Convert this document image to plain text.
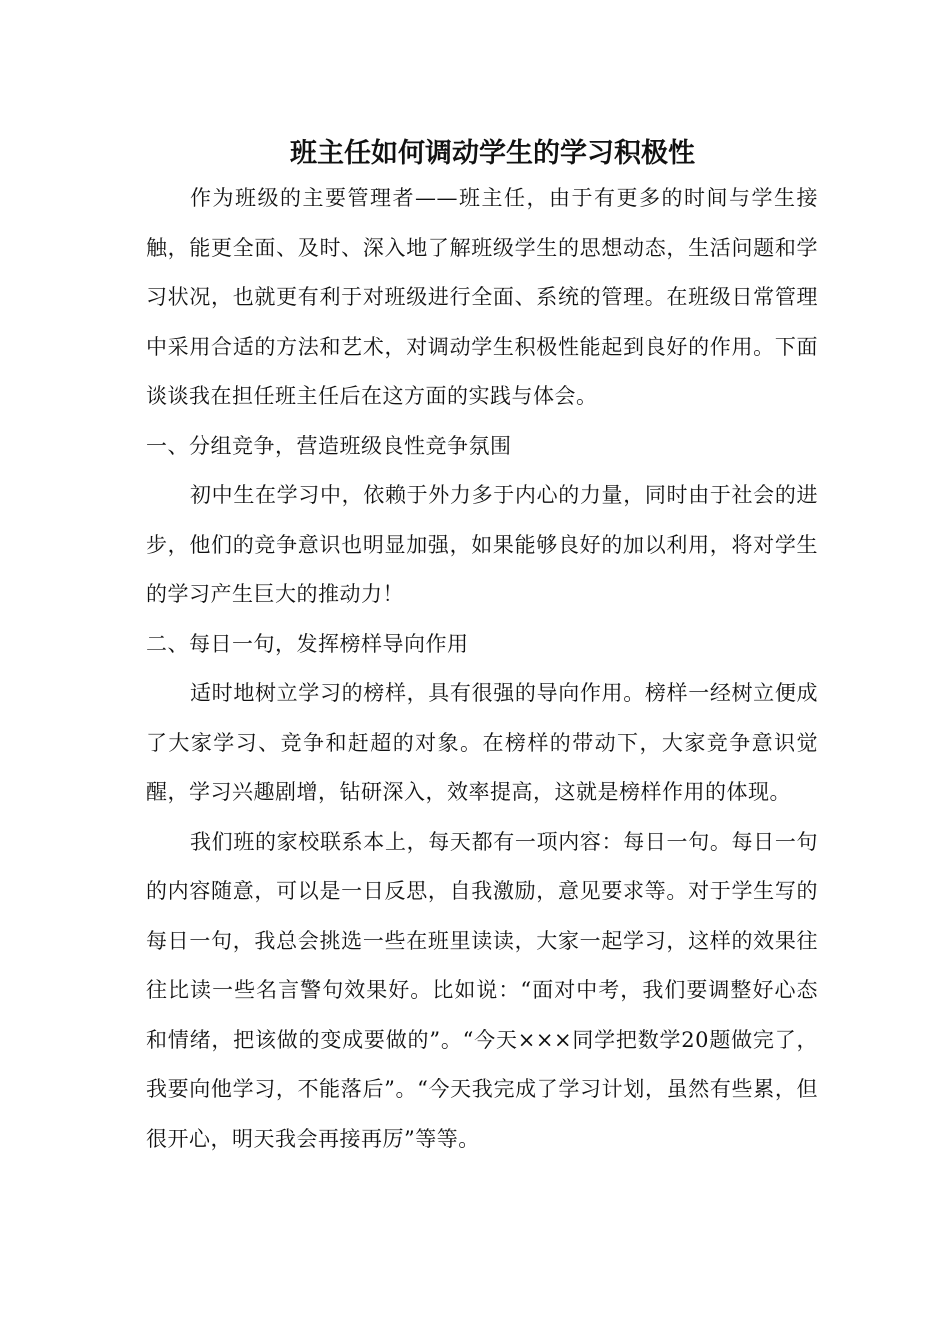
班主任如何调动学生的学习积极性

作为班级的主要管理者——班主任，由于有更多的时间与学生接触，能更全面、及时、深入地了解班级学生的思想动态，生活问题和学习状况，也就更有利于对班级进行全面、系统的管理。在班级日常管理中采用合适的方法和艺术，对调动学生积极性能起到良好的作用。下面谈谈我在担任班主任后在这方面的实践与体会。

一、分组竞争，营造班级良性竞争氛围

初中生在学习中，依赖于外力多于内心的力量，同时由于社会的进步，他们的竞争意识也明显加强，如果能够良好的加以利用，将对学生的学习产生巨大的推动力！

二、每日一句，发挥榜样导向作用

适时地树立学习的榜样，具有很强的导向作用。榜样一经树立便成了大家学习、竞争和赶超的对象。在榜样的带动下，大家竞争意识觉醒，学习兴趣剧增，钻研深入，效率提高，这就是榜样作用的体现。

我们班的家校联系本上，每天都有一项内容：每日一句。每日一句的内容随意，可以是一日反思，自我激励，意见要求等。对于学生写的每日一句，我总会挑选一些在班里读读，大家一起学习，这样的效果往往比读一些名言警句效果好。比如说：“面对中考，我们要调整好心态和情绪，把该做的变成要做的”。“今天×××同学把数学20题做完了，我要向他学习，不能落后”。“今天我完成了学习计划，虽然有些累，但很开心，明天我会再接再厉”等等。
